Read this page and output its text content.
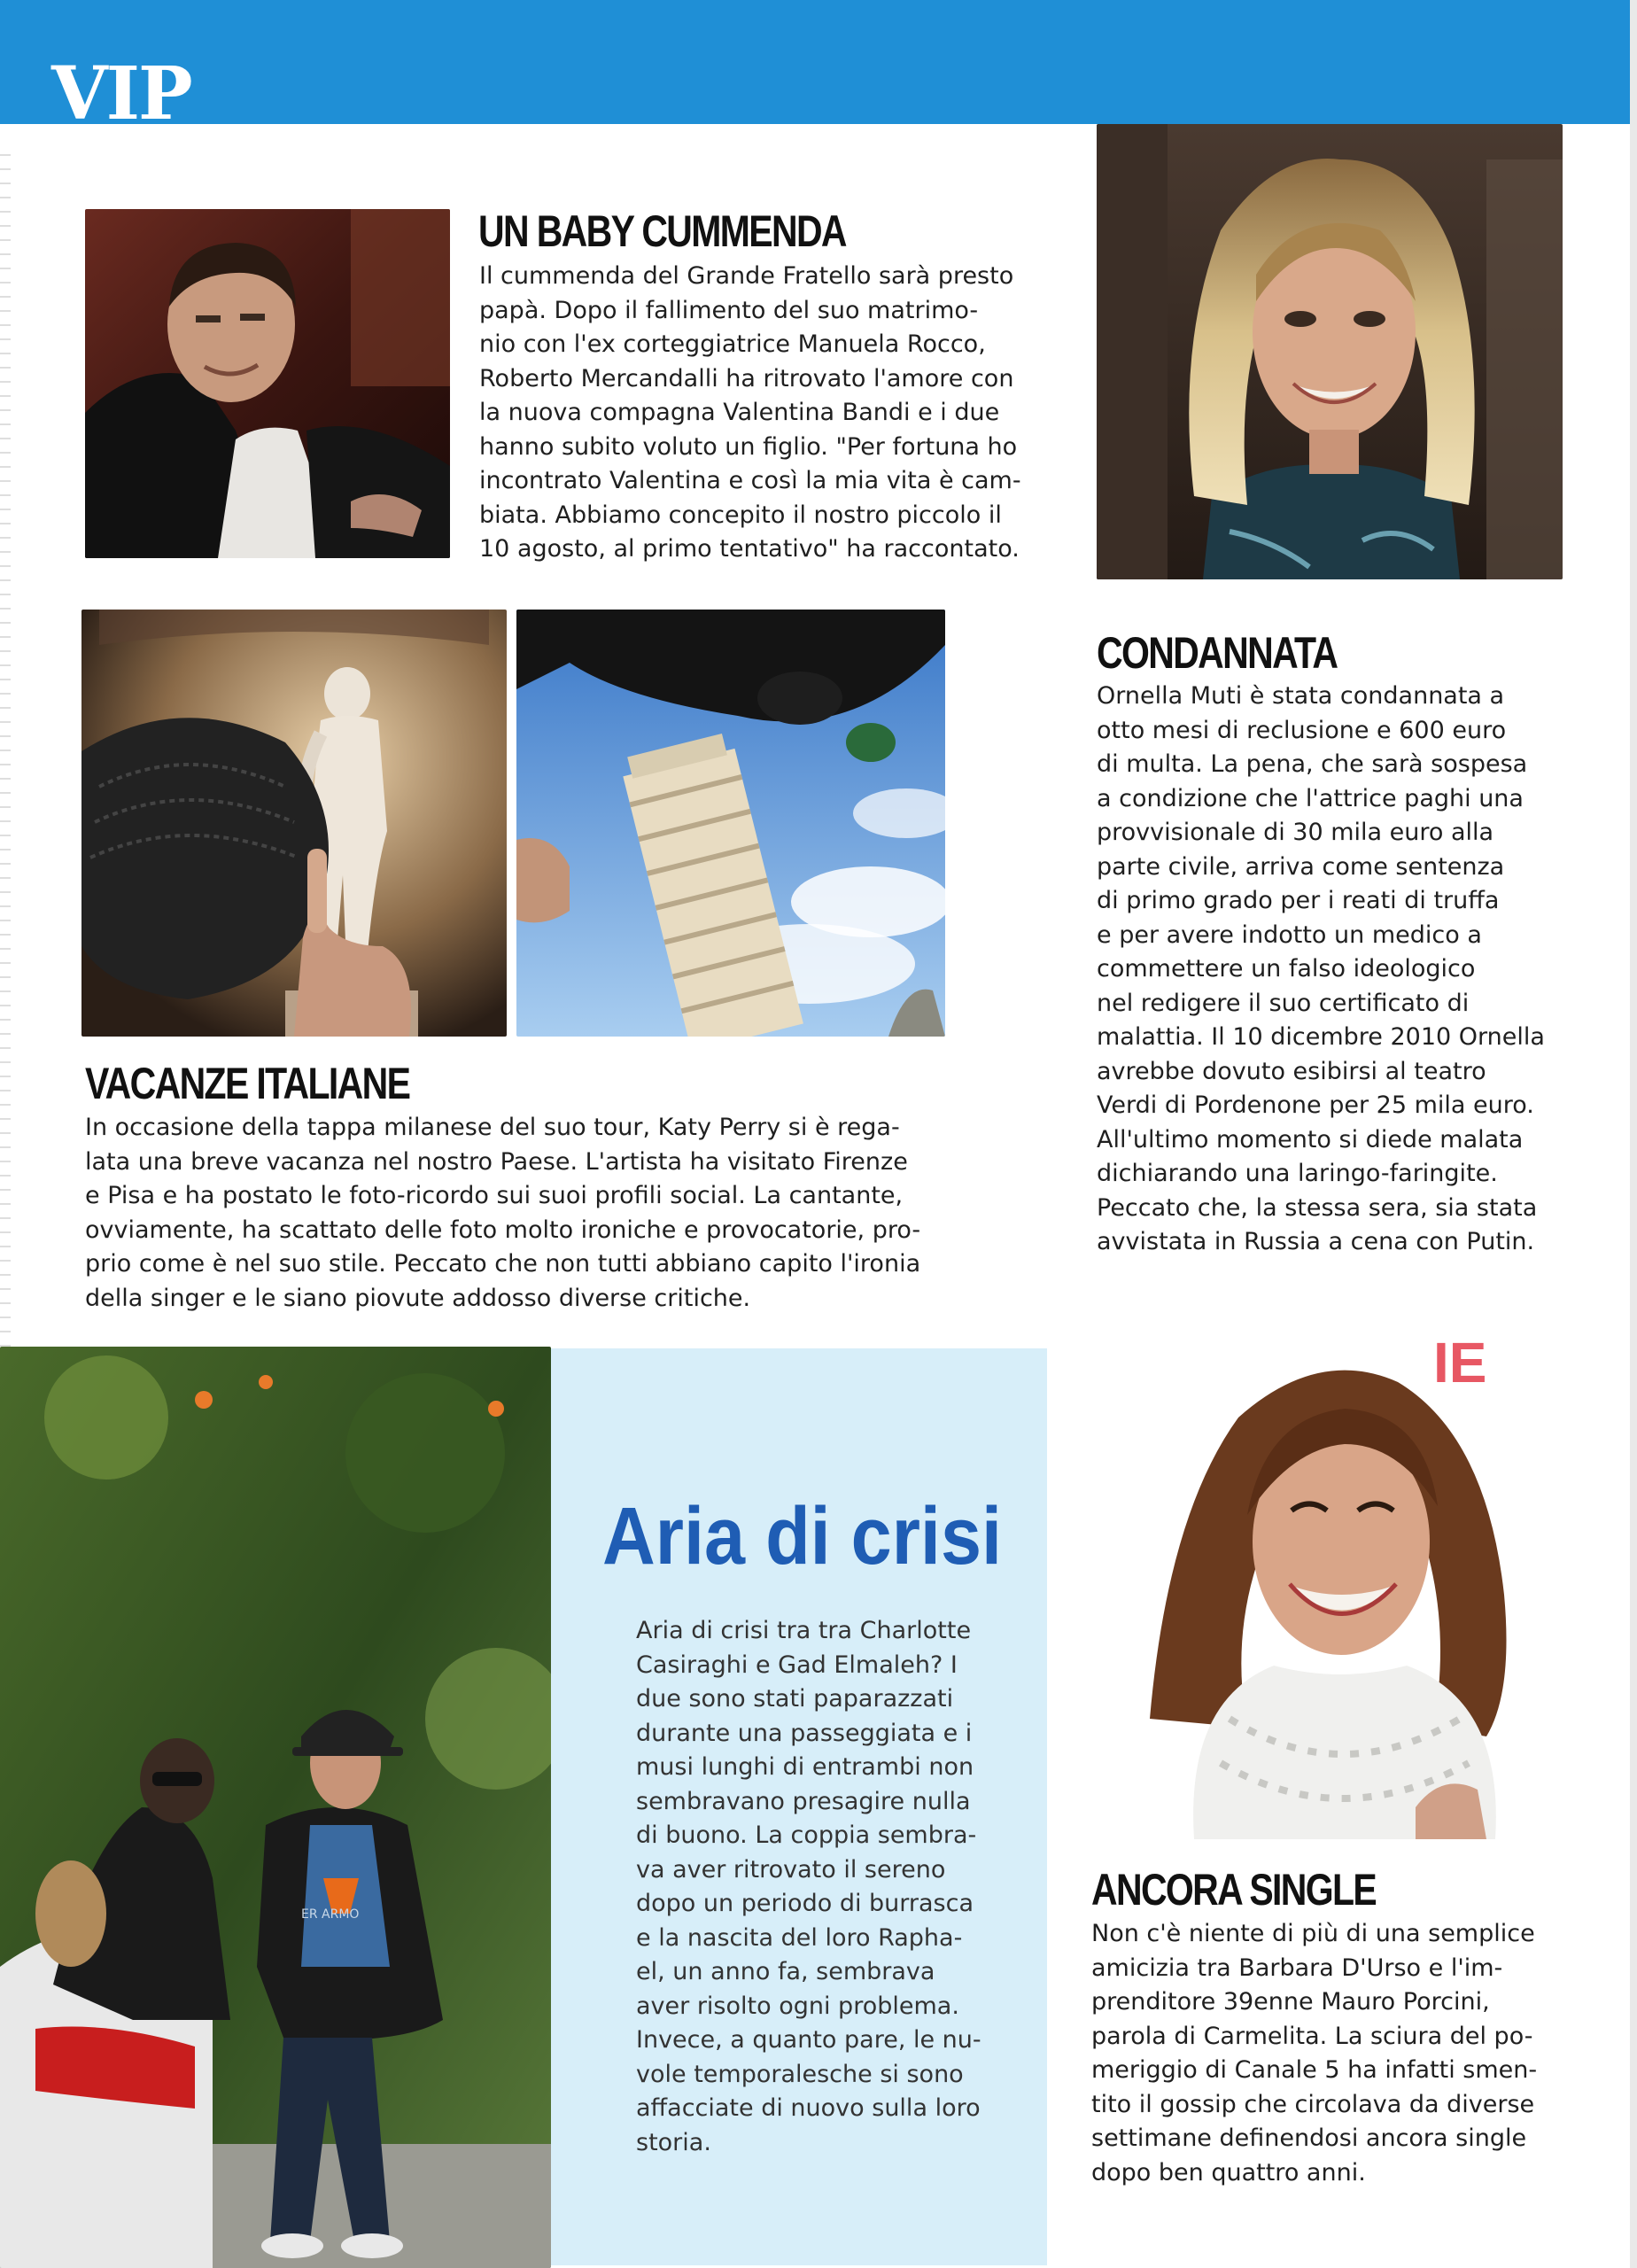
VIP
UN BABY CUMMENDA
Il cummenda del Grande Fratello sarà presto
papà. Dopo il fallimento del suo matrimo-
nio con l'ex corteggiatrice Manuela Rocco,
Roberto Mercandalli ha ritrovato l'amore con
la nuova compagna Valentina Bandi e i due
hanno subito voluto un figlio. "Per fortuna ho
incontrato Valentina e così la mia vita è cam-
biata. Abbiamo concepito il nostro piccolo il
10 agosto, al primo tentativo" ha raccontato.
CONDANNATA
Ornella Muti è stata condannata a
otto mesi di reclusione e 600 euro
di multa. La pena, che sarà sospesa
a condizione che l'attrice paghi una
provvisionale di 30 mila euro alla
parte civile, arriva come sentenza
di primo grado per i reati di truffa
e per avere indotto un medico a
commettere un falso ideologico
nel redigere il suo certificato di
malattia. Il 10 dicembre 2010 Ornella
avrebbe dovuto esibirsi al teatro
Verdi di Pordenone per 25 mila euro.
All'ultimo momento si diede malata
dichiarando una laringo-faringite.
Peccato che, la stessa sera, sia stata
avvistata in Russia a cena con Putin.
VACANZE ITALIANE
In occasione della tappa milanese del suo tour, Katy Perry si è rega-
lata una breve vacanza nel nostro Paese. L'artista ha visitato Firenze
e Pisa e ha postato le foto-ricordo sui suoi profili social. La cantante,
ovviamente, ha scattato delle foto molto ironiche e provocatorie, pro-
prio come è nel suo stile. Peccato che non tutti abbiano capito l'ironia
della singer e le siano piovute addosso diverse critiche.
ER ARMO
Aria di crisi
Aria di crisi tra tra Charlotte
Casiraghi e Gad Elmaleh? I
due sono stati paparazzati
durante una passeggiata e i
musi lunghi di entrambi non
sembravano presagire nulla
di buono. La coppia sembra-
va aver ritrovato il sereno
dopo un periodo di burrasca
e la nascita del loro Rapha-
el, un anno fa, sembrava
aver risolto ogni problema.
Invece, a quanto pare, le nu-
vole temporalesche si sono
affacciate di nuovo sulla loro
storia.
IE
ANCORA SINGLE
Non c'è niente di più di una semplice
amicizia tra Barbara D'Urso e l'im-
prenditore 39enne Mauro Porcini,
parola di Carmelita. La sciura del po-
meriggio di Canale 5 ha infatti smen-
tito il gossip che circolava da diverse
settimane definendosi ancora single
dopo ben quattro anni.
